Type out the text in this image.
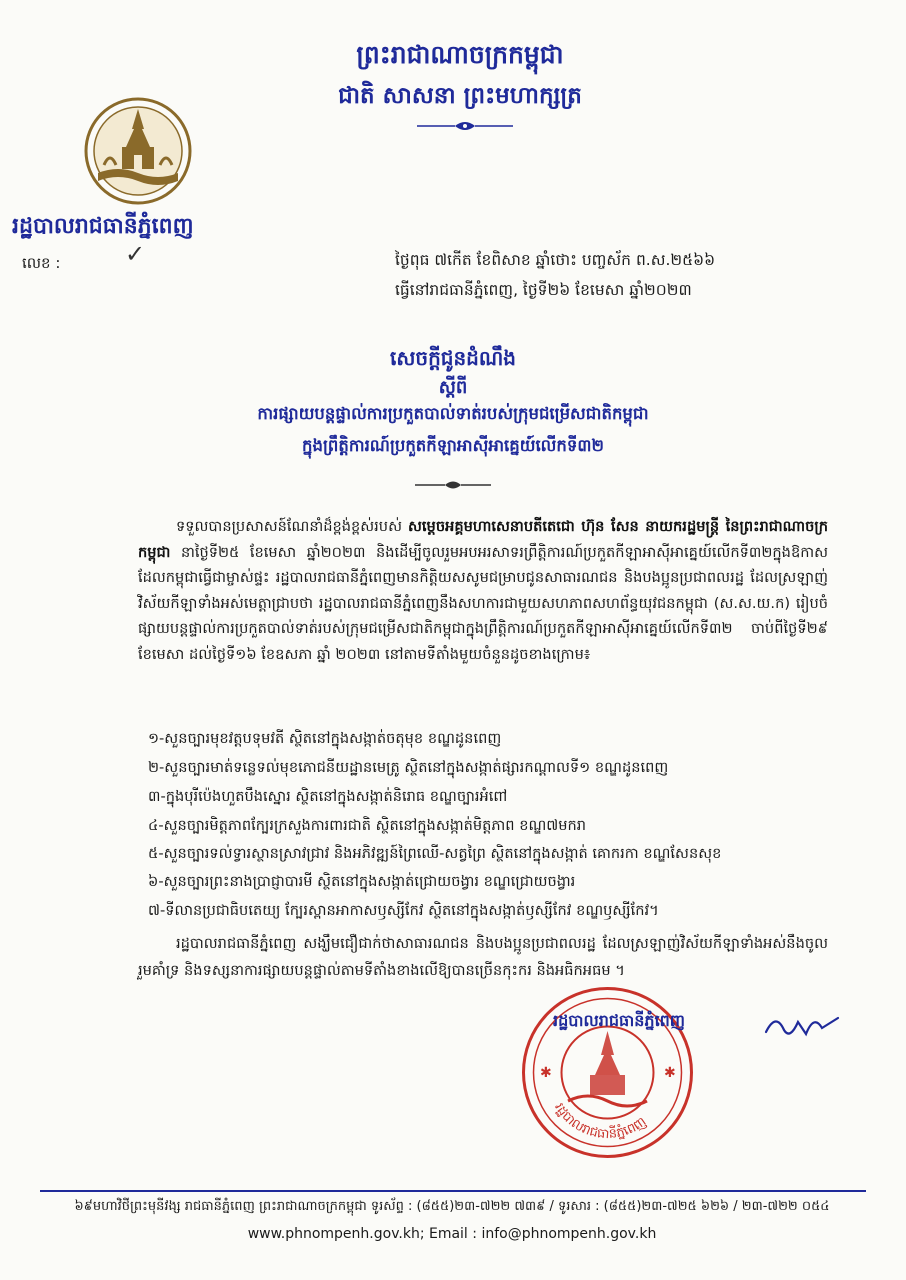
ព្រះរាជាណាចក្រកម្ពុជា
ជាតិ សាសនា ព្រះមហាក្សត្រ
រដ្ឋបាលរាជធានីភ្នំពេញ
លេខ :	✓	ថ្ងៃពុធ ៧កើត ខែពិសាខ ឆ្នាំថោះ បញ្ចស័ក ព.ស.២៥៦៦
ធ្វើនៅរាជធានីភ្នំពេញ, ថ្ងៃទី២៦ ខែមេសា ឆ្នាំ២០២៣
សេចក្តីជូនដំណឹង
ស្តីពី
ការផ្សាយបន្តផ្ទាល់ការប្រកួតបាល់ទាត់របស់ក្រុមជម្រើសជាតិកម្ពុជា
ក្នុងព្រឹត្តិការណ៍ប្រកួតកីឡាអាស៊ីអាគ្នេយ៍លើកទី៣២

ទទួលបានប្រសាសន៍ណែនាំដ៏ខ្ពង់ខ្ពស់របស់ សម្តេចអគ្គមហាសេនាបតីតេជោ ហ៊ុន សែន នាយករដ្ឋមន្ត្រី នៃព្រះរាជាណាចក្រកម្ពុជា នាថ្ងៃទី២៥ ខែមេសា ឆ្នាំ២០២៣ និងដើម្បីចូលរួមអបអរសាទរព្រឹត្តិការណ៍ប្រកួតកីឡាអាស៊ីអាគ្នេយ៍លើកទី៣២ក្នុងឱកាសដែលកម្ពុជាធ្វើជាម្ចាស់ផ្ទះ រដ្ឋបាលរាជធានីភ្នំពេញមានកិត្តិយសសូមជម្រាបជូនសាធារណជន និងបងប្អូនប្រជាពលរដ្ឋ ដែលស្រឡាញ់វិស័យកីឡាទាំងអស់មេត្តាជ្រាបថា រដ្ឋបាលរាជធានីភ្នំពេញនឹងសហការជាមួយសហភាពសហព័ន្ធយុវជនកម្ពុជា (ស.ស.យ.ក) រៀបចំផ្សាយបន្តផ្ទាល់ការប្រកួតបាល់ទាត់របស់ក្រុមជម្រើសជាតិកម្ពុជាក្នុងព្រឹត្តិការណ៍ប្រកួតកីឡាអាស៊ីអាគ្នេយ៍លើកទី៣២ ចាប់ពីថ្ងៃទី២៩ ខែមេសា ដល់ថ្ងៃទី១៦ ខែឧសភា ឆ្នាំ ២០២៣ នៅតាមទីតាំងមួយចំនួនដូចខាងក្រោម៖

១-សួនច្បារមុខវត្តបទុមវតី ស្ថិតនៅក្នុងសង្កាត់ចតុមុខ ខណ្ឌដូនពេញ
២-សួនច្បារមាត់ទន្លេទល់មុខភោជនីយដ្ឋានមេត្រូ ស្ថិតនៅក្នុងសង្កាត់ផ្សារកណ្តាលទី១ ខណ្ឌដូនពេញ
៣-ក្នុងបុរីប៉េងហួតបឹងស្នោរ ស្ថិតនៅក្នុងសង្កាត់និរោធ ខណ្ឌច្បារអំពៅ
៤-សួនច្បារមិត្តភាពក្បែរក្រសួងការពារជាតិ ស្ថិតនៅក្នុងសង្កាត់មិត្តភាព ខណ្ឌ៧មករា
៥-សួនច្បារទល់ទ្វារស្ថានស្រាវជ្រាវ និងអភិវឌ្ឍន៍ព្រៃឈើ-សត្វព្រៃ ស្ថិតនៅក្នុងសង្កាត់ គោករកា ខណ្ឌសែនសុខ
៦-សួនច្បារព្រះនាងប្រាជ្ញាបារមី ស្ថិតនៅក្នុងសង្កាត់ជ្រោយចង្វារ ខណ្ឌជ្រោយចង្វារ
៧-ទីលានប្រជាធិបតេយ្យ ក្បែរស្ពានអាកាសឫស្សីកែវ ស្ថិតនៅក្នុងសង្កាត់ឫស្សីកែវ ខណ្ឌឫស្សីកែវ។

រដ្ឋបាលរាជធានីភ្នំពេញ សង្ឃឹមជឿជាក់ថាសាធារណជន និងបងប្អូនប្រជាពលរដ្ឋ ដែលស្រឡាញ់វិស័យកីឡាទាំងអស់នឹងចូលរួមគាំទ្រ និងទស្សនាការផ្សាយបន្តផ្ទាល់តាមទីតាំងខាងលើឱ្យបានច្រើនកុះករ និងអធិកអធម ។

✱	✱
រដ្ឋបាលរាជធានីភ្នំពេញ
រដ្ឋបាលរាជធានីភ្នំពេញ
៦៩មហាវិថីព្រះមុនីវង្ស រាជធានីភ្នំពេញ ព្រះរាជាណាចក្រកម្ពុជា ទូរស័ព្ទ : (៨៥៥)២៣-៧២២ ៧៣៩ / ទូរសារ : (៨៥៥)២៣-៧២៥ ៦២៦ / ២៣-៧២២ ០៥៤
www.phnompenh.gov.kh; Email : info@phnompenh.gov.kh
